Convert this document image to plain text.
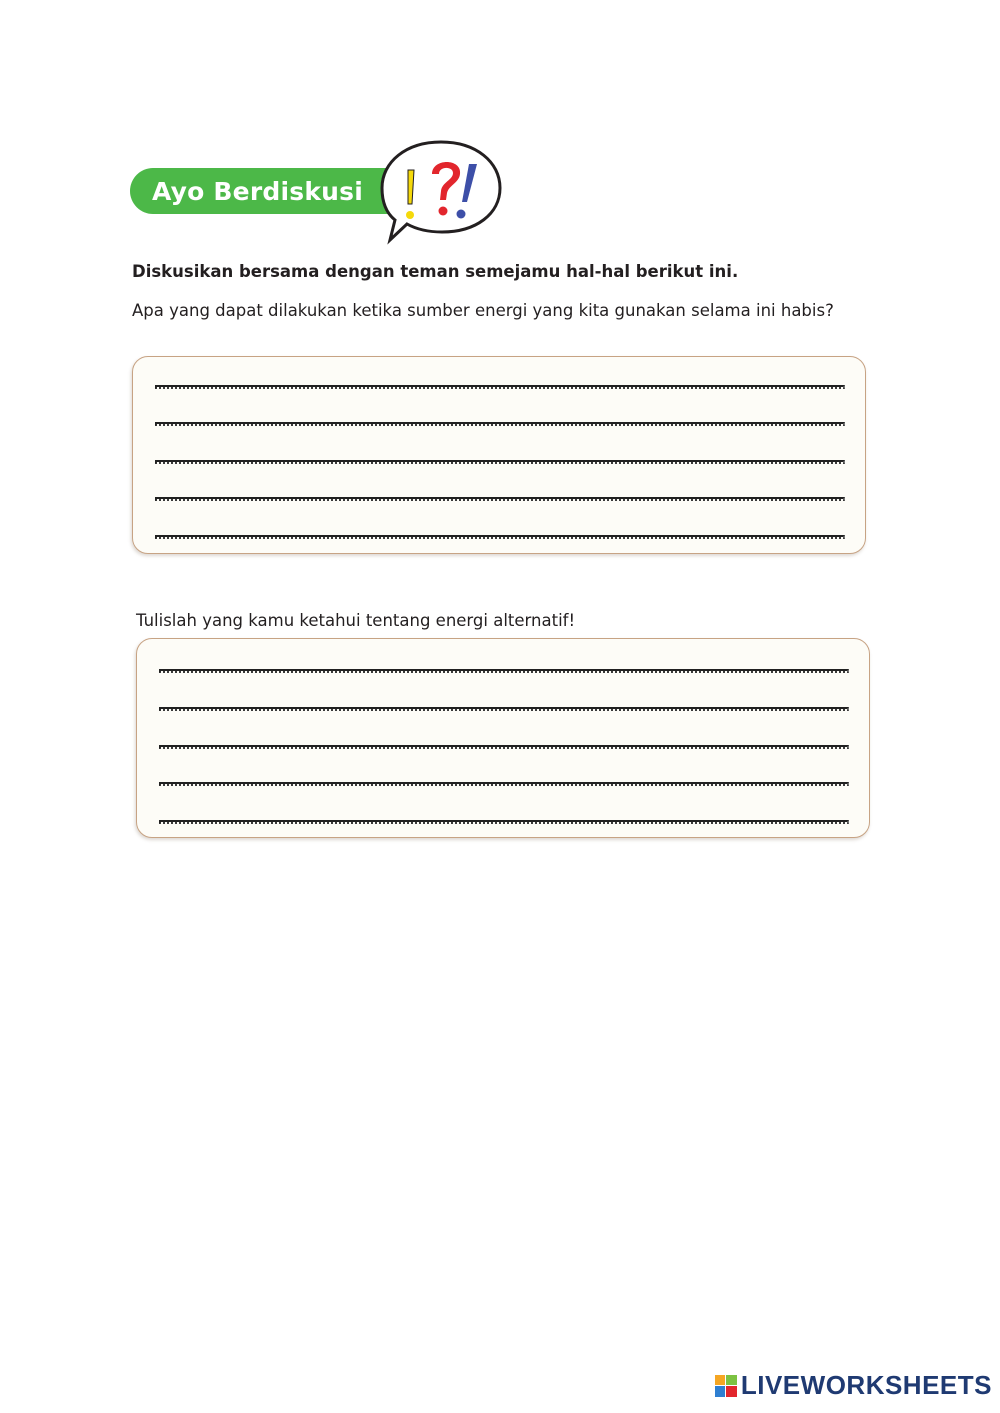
Ayo Berdiskusi

Diskusikan bersama dengan teman semejamu hal-hal berikut ini.

Apa yang dapat dilakukan ketika sumber energi yang kita gunakan selama ini habis?

Tulislah yang kamu ketahui tentang energi alternatif!

LIVEWORKSHEETS
